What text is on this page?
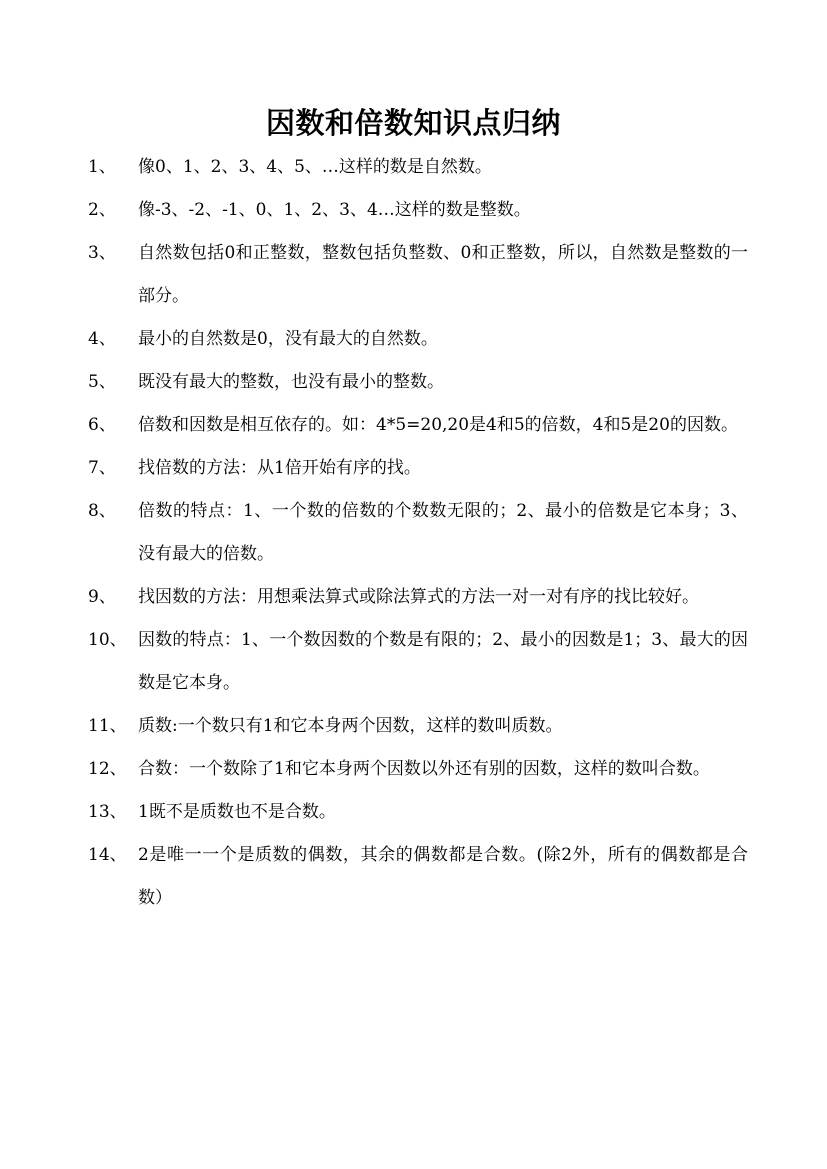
因数和倍数知识点归纳
1、	像0、1、2、3、4、5、…这样的数是自然数。
2、	像-3、-2、-1、0、1、2、3、4…这样的数是整数。
3、	自然数包括0和正整数，整数包括负整数、0和正整数，所以，自然数是整数的一部分。
4、	最小的自然数是0，没有最大的自然数。
5、	既没有最大的整数，也没有最小的整数。
6、	倍数和因数是相互依存的。如：4*5=20,20是4和5的倍数，4和5是20的因数。
7、	找倍数的方法：从1倍开始有序的找。
8、	倍数的特点：1、一个数的倍数的个数数无限的；2、最小的倍数是它本身；3、没有最大的倍数。
9、	找因数的方法：用想乘法算式或除法算式的方法一对一对有序的找比较好。
10、 因数的特点：1、一个数因数的个数是有限的；2、最小的因数是1；3、最大的因数是它本身。
11、 质数:一个数只有1和它本身两个因数，这样的数叫质数。
12、 合数：一个数除了1和它本身两个因数以外还有别的因数，这样的数叫合数。
13、 1既不是质数也不是合数。
14、 2是唯一一个是质数的偶数，其余的偶数都是合数。(除2外，所有的偶数都是合数）
